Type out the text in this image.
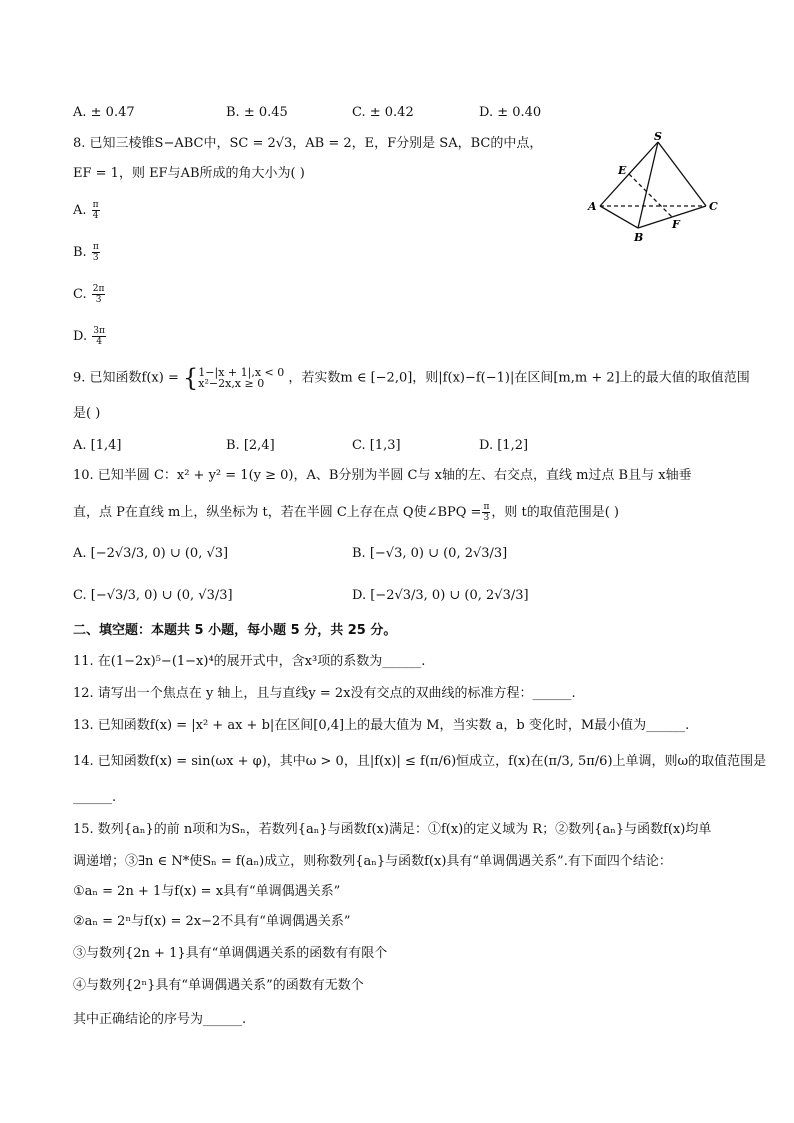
A. ± 0.47	B. ± 0.45	C. ± 0.42	D. ± 0.40
8. 已知三棱锥S−ABC中，SC = 2√3，AB = 2，E，F分别是 SA，BC的中点，
EF = 1，则 EF与AB所成的角大小为( )
A. $\frac{\pi}{4}$
B. $\frac{\pi}{3}$
C. $\frac{2\pi}{3}$
D. $\frac{3\pi}{4}$
S
E
A
B
C
F
9. 已知函数f(x) = { 1−|x + 1|,x < 0
x²−2x,x ≥ 0	，若实数m ∈ [−2,0]，则|f(x)−f(−1)|在区间[m,m + 2]上的最大值的取值范围
是( )
A. [1,4]	B. [2,4]	C. [1,3]	D. [1,2]
10. 已知半圆 C：x² + y² = 1(y ≥ 0)，A、B分别为半圆 C与 x轴的左、右交点，直线 m过点 B且与 x轴垂
直，点 P在直线 m上，纵坐标为 t，若在半圆 C上存在点 Q使∠BPQ = $\frac{\pi}{3}$ ，则 t的取值范围是( )
A. [−2√3/3, 0) ∪ (0, √3]	B. [−√3, 0) ∪ (0, 2√3/3]
C. [−√3/3, 0) ∪ (0, √3/3]	D. [−2√3/3, 0) ∪ (0, 2√3/3]
二、填空题：本题共 5 小题，每小题 5 分，共 25 分。
11. 在(1−2x)⁵−(1−x)⁴的展开式中，含x³项的系数为______.
12. 请写出一个焦点在 y 轴上，且与直线y = 2x没有交点的双曲线的标准方程：______.
13. 已知函数f(x) = |x² + ax + b|在区间[0,4]上的最大值为 M，当实数 a，b 变化时，M最小值为______.
14. 已知函数f(x) = sin(ωx + φ)，其中ω > 0，且|f(x)| ≤ f(π/6)恒成立，f(x)在(π/3, 5π/6)上单调，则ω的取值范围是
______.
15. 数列{aₙ}的前 n项和为Sₙ，若数列{aₙ}与函数f(x)满足：①f(x)的定义域为 R；②数列{aₙ}与函数f(x)均单
调递增；③∃n ∈ N*使Sₙ = f(aₙ)成立，则称数列{aₙ}与函数f(x)具有“单调偶遇关系”.有下面四个结论：
①aₙ = 2n + 1与f(x) = x具有“单调偶遇关系”
②aₙ = 2ⁿ与f(x) = 2x−2不具有“单调偶遇关系”
③与数列{2n + 1}具有“单调偶遇关系的函数有有限个
④与数列{2ⁿ}具有“单调偶遇关系”的函数有无数个
其中正确结论的序号为______.
